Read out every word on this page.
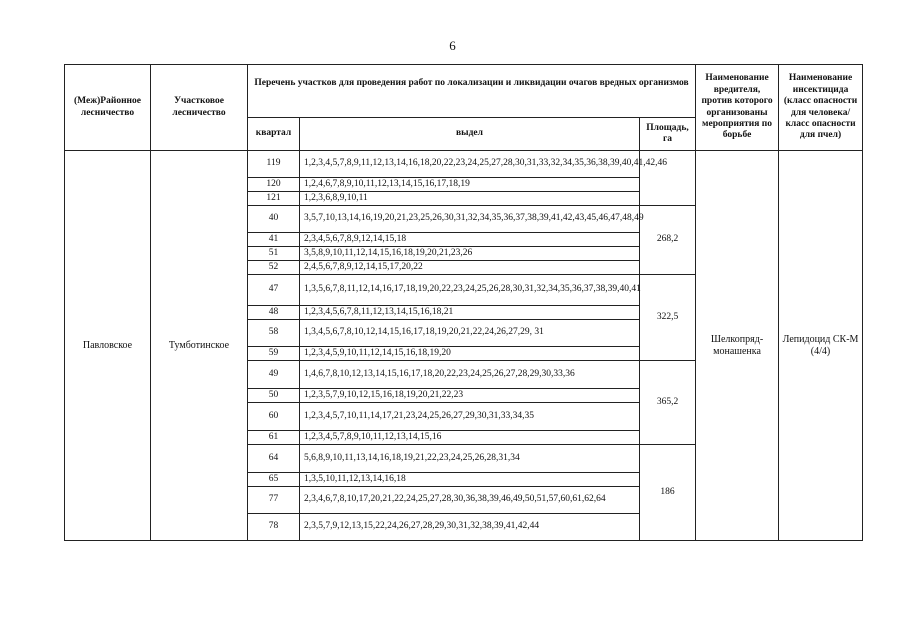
6
(Меж)Районное лесничество	Участковое лесничество	Перечень участков для проведения работ по локализации и ликвидации очагов вредных организмов			Наименование вредителя, против которого организованы мероприятия по борьбе	Наименование инсектицида (класс опасности для человека/класс опасности для пчел)
		квартал	выдел	Площадь, га		
Павловское	Тумботинское	119	1,2,3,4,5,7,8,9,11,12,13,14,16,18,20,22,23,24,25,27,28,30,31,33,32,34,35,36,38,39,40,41,42,46		Шелкопряд-монашенка	Лепидоцид СК-М (4/4)
		120	1,2,4,6,7,8,9,10,11,12,13,14,15,16,17,18,19			
		121	1,2,3,6,8,9,10,11			
		40	3,5,7,10,13,14,16,19,20,21,23,25,26,30,31,32,34,35,36,37,38,39,41,42,43,45,46,47,48,49	268,2		
		41	2,3,4,5,6,7,8,9,12,14,15,18			
		51	3,5,8,9,10,11,12,14,15,16,18,19,20,21,23,26			
		52	2,4,5,6,7,8,9,12,14,15,17,20,22			
		47	1,3,5,6,7,8,11,12,14,16,17,18,19,20,22,23,24,25,26,28,30,31,32,34,35,36,37,38,39,40,41	322,5		
		48	1,2,3,4,5,6,7,8,11,12,13,14,15,16,18,21			
		58	1,3,4,5,6,7,8,10,12,14,15,16,17,18,19,20,21,22,24,26,27,29, 31			
		59	1,2,3,4,5,9,10,11,12,14,15,16,18,19,20			
		49	1,4,6,7,8,10,12,13,14,15,16,17,18,20,22,23,24,25,26,27,28,29,30,33,36	365,2		
		50	1,2,3,5,7,9,10,12,15,16,18,19,20,21,22,23			
		60	1,2,3,4,5,7,10,11,14,17,21,23,24,25,26,27,29,30,31,33,34,35			
		61	1,2,3,4,5,7,8,9,10,11,12,13,14,15,16			
		64	5,6,8,9,10,11,13,14,16,18,19,21,22,23,24,25,26,28,31,34	186		
		65	1,3,5,10,11,12,13,14,16,18			
		77	2,3,4,6,7,8,10,17,20,21,22,24,25,27,28,30,36,38,39,46,49,50,51,57,60,61,62,64			
		78	2,3,5,7,9,12,13,15,22,24,26,27,28,29,30,31,32,38,39,41,42,44			
